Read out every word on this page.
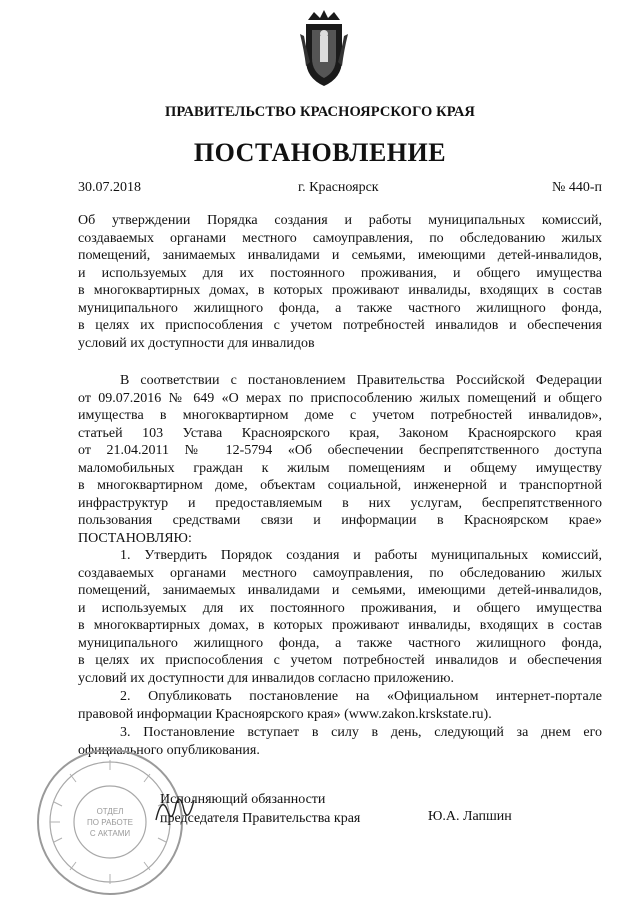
ПРАВИТЕЛЬСТВО КРАСНОЯРСКОГО КРАЯ
ПОСТАНОВЛЕНИЕ
30.07.2018	г. Красноярск	№ 440-п
Об утверждении Порядка создания и работы муниципальных комиссий,
создаваемых органами местного самоуправления, по обследованию жилых
помещений, занимаемых инвалидами и семьями, имеющими детей-инвалидов,
и используемых для их постоянного проживания, и общего имущества
в многоквартирных домах, в которых проживают инвалиды, входящих в состав
муниципального жилищного фонда, а также частного жилищного фонда,
в целях их приспособления с учетом потребностей инвалидов и обеспечения
условий их доступности для инвалидов
В соответствии с постановлением Правительства Российской Федерации
от 09.07.2016 № 649 «О мерах по приспособлению жилых помещений и общего
имущества в многоквартирном доме с учетом потребностей инвалидов»,
статьей 103 Устава Красноярского края, Законом Красноярского края
от 21.04.2011 № 12-5794 «Об обеспечении беспрепятственного доступа
маломобильных граждан к жилым помещениям и общему имуществу
в многоквартирном доме, объектам социальной, инженерной и транспортной
инфраструктур и предоставляемым в них услугам, беспрепятственного
пользования средствами связи и информации в Красноярском крае»
ПОСТАНОВЛЯЮ:
1. Утвердить Порядок создания и работы муниципальных комиссий,
создаваемых органами местного самоуправления, по обследованию жилых
помещений, занимаемых инвалидами и семьями, имеющими детей-инвалидов,
и используемых для их постоянного проживания, и общего имущества
в многоквартирных домах, в которых проживают инвалиды, входящих в состав
муниципального жилищного фонда, а также частного жилищного фонда,
в целях их приспособления с учетом потребностей инвалидов и обеспечения
условий их доступности для инвалидов согласно приложению.
2. Опубликовать постановление на «Официальном интернет-портале
правовой информации Красноярского края» (www.zakon.krskstate.ru).
3. Постановление вступает в силу в день, следующий за днем его
официального опубликования.
ОТДЕЛ
ПО РАБОТЕ
С АКТАМИ
Исполняющий обязанности
председателя Правительства края	Ю.А. Лапшин
